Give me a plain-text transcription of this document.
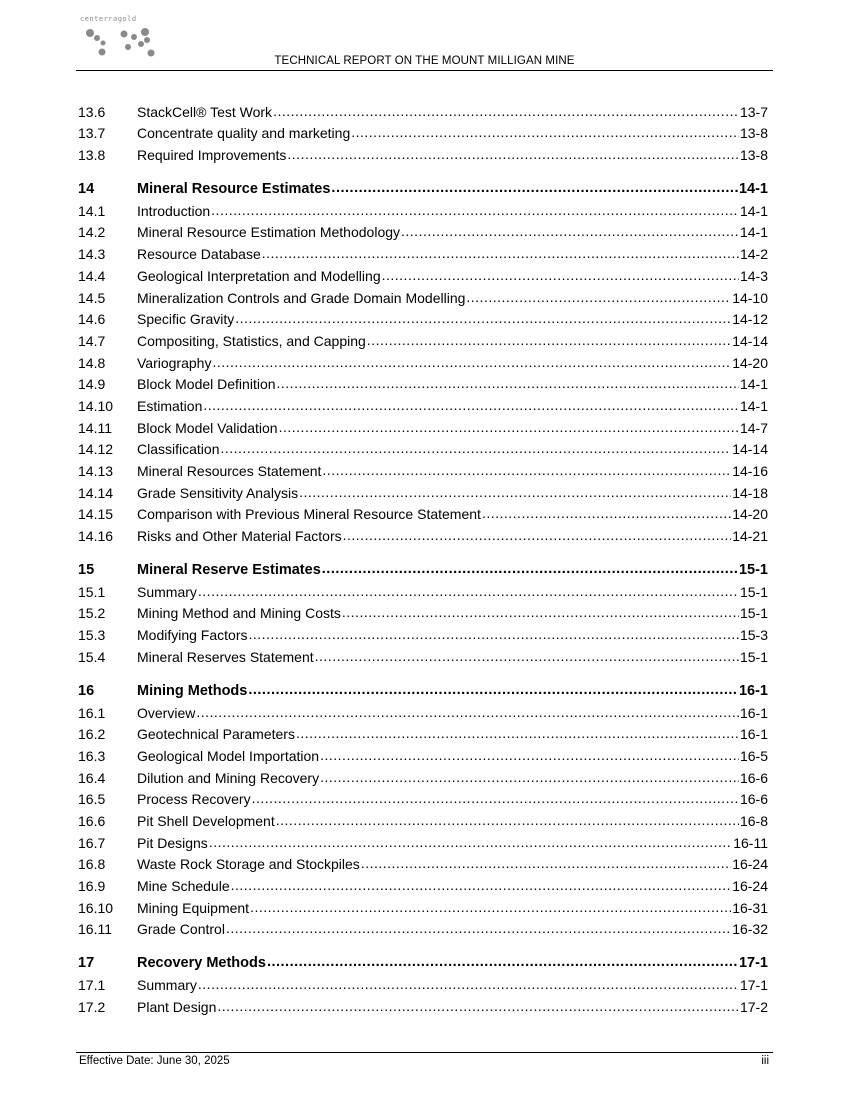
centerragold
TECHNICAL REPORT ON THE MOUNT MILLIGAN MINE
13.6	StackCell® Test Work .....	13-7
13.7	Concentrate quality and marketing .....	13-8
13.8	Required Improvements .....	13-8
14	Mineral Resource Estimates .....	14-1
14.1	Introduction .....	14-1
14.2	Mineral Resource Estimation Methodology .....	14-1
14.3	Resource Database .....	14-2
14.4	Geological Interpretation and Modelling .....	14-3
14.5	Mineralization Controls and Grade Domain Modelling .....	14-10
14.6	Specific Gravity .....	14-12
14.7	Compositing, Statistics, and Capping .....	14-14
14.8	Variography .....	14-20
14.9	Block Model Definition .....	14-1
14.10	Estimation .....	14-1
14.11	Block Model Validation .....	14-7
14.12	Classification .....	14-14
14.13	Mineral Resources Statement .....	14-16
14.14	Grade Sensitivity Analysis .....	14-18
14.15	Comparison with Previous Mineral Resource Statement .....	14-20
14.16	Risks and Other Material Factors .....	14-21
15	Mineral Reserve Estimates .....	15-1
15.1	Summary .....	15-1
15.2	Mining Method and Mining Costs .....	15-1
15.3	Modifying Factors .....	15-3
15.4	Mineral Reserves Statement .....	15-1
16	Mining Methods .....	16-1
16.1	Overview .....	16-1
16.2	Geotechnical Parameters .....	16-1
16.3	Geological Model Importation .....	16-5
16.4	Dilution and Mining Recovery .....	16-6
16.5	Process Recovery .....	16-6
16.6	Pit Shell Development .....	16-8
16.7	Pit Designs .....	16-11
16.8	Waste Rock Storage and Stockpiles .....	16-24
16.9	Mine Schedule .....	16-24
16.10	Mining Equipment .....	16-31
16.11	Grade Control .....	16-32
17	Recovery Methods .....	17-1
17.1	Summary .....	17-1
17.2	Plant Design .....	17-2
Effective Date: June 30, 2025	iii
